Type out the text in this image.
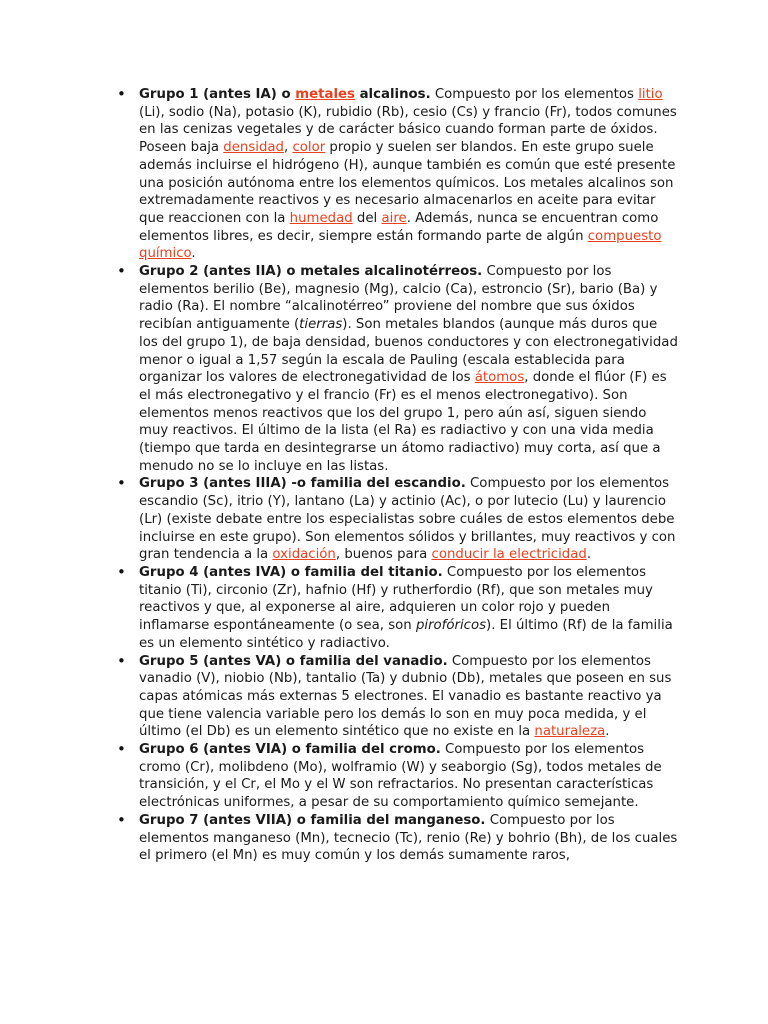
• Grupo 1 (antes IA) o metales alcalinos. Compuesto por los elementos litio (Li), sodio (Na), potasio (K), rubidio (Rb), cesio (Cs) y francio (Fr), todos comunes en las cenizas vegetales y de carácter básico cuando forman parte de óxidos. Poseen baja densidad, color propio y suelen ser blandos. En este grupo suele además incluirse el hidrógeno (H), aunque también es común que esté presente una posición autónoma entre los elementos químicos. Los metales alcalinos son extremadamente reactivos y es necesario almacenarlos en aceite para evitar que reaccionen con la humedad del aire. Además, nunca se encuentran como elementos libres, es decir, siempre están formando parte de algún compuesto químico.
• Grupo 2 (antes IIA) o metales alcalinotérreos. Compuesto por los elementos berilio (Be), magnesio (Mg), calcio (Ca), estroncio (Sr), bario (Ba) y radio (Ra). El nombre “alcalinotérreo” proviene del nombre que sus óxidos recibían antiguamente (tierras). Son metales blandos (aunque más duros que los del grupo 1), de baja densidad, buenos conductores y con electronegatividad menor o igual a 1,57 según la escala de Pauling (escala establecida para organizar los valores de electronegatividad de los átomos, donde el flúor (F) es el más electronegativo y el francio (Fr) es el menos electronegativo). Son elementos menos reactivos que los del grupo 1, pero aún así, siguen siendo muy reactivos. El último de la lista (el Ra) es radiactivo y con una vida media (tiempo que tarda en desintegrarse un átomo radiactivo) muy corta, así que a menudo no se lo incluye en las listas.
• Grupo 3 (antes IIIA) -o familia del escandio. Compuesto por los elementos escandio (Sc), itrio (Y), lantano (La) y actinio (Ac), o por lutecio (Lu) y laurencio (Lr) (existe debate entre los especialistas sobre cuáles de estos elementos debe incluirse en este grupo). Son elementos sólidos y brillantes, muy reactivos y con gran tendencia a la oxidación, buenos para conducir la electricidad.
• Grupo 4 (antes IVA) o familia del titanio. Compuesto por los elementos titanio (Ti), circonio (Zr), hafnio (Hf) y rutherfordio (Rf), que son metales muy reactivos y que, al exponerse al aire, adquieren un color rojo y pueden inflamarse espontáneamente (o sea, son pirofóricos). El último (Rf) de la familia es un elemento sintético y radiactivo.
• Grupo 5 (antes VA) o familia del vanadio. Compuesto por los elementos vanadio (V), niobio (Nb), tantalio (Ta) y dubnio (Db), metales que poseen en sus capas atómicas más externas 5 electrones. El vanadio es bastante reactivo ya que tiene valencia variable pero los demás lo son en muy poca medida, y el último (el Db) es un elemento sintético que no existe en la naturaleza.
• Grupo 6 (antes VIA) o familia del cromo. Compuesto por los elementos cromo (Cr), molibdeno (Mo), wolframio (W) y seaborgio (Sg), todos metales de transición, y el Cr, el Mo y el W son refractarios. No presentan características electrónicas uniformes, a pesar de su comportamiento químico semejante.
• Grupo 7 (antes VIIA) o familia del manganeso. Compuesto por los elementos manganeso (Mn), tecnecio (Tc), renio (Re) y bohrio (Bh), de los cuales el primero (el Mn) es muy común y los demás sumamente raros,
